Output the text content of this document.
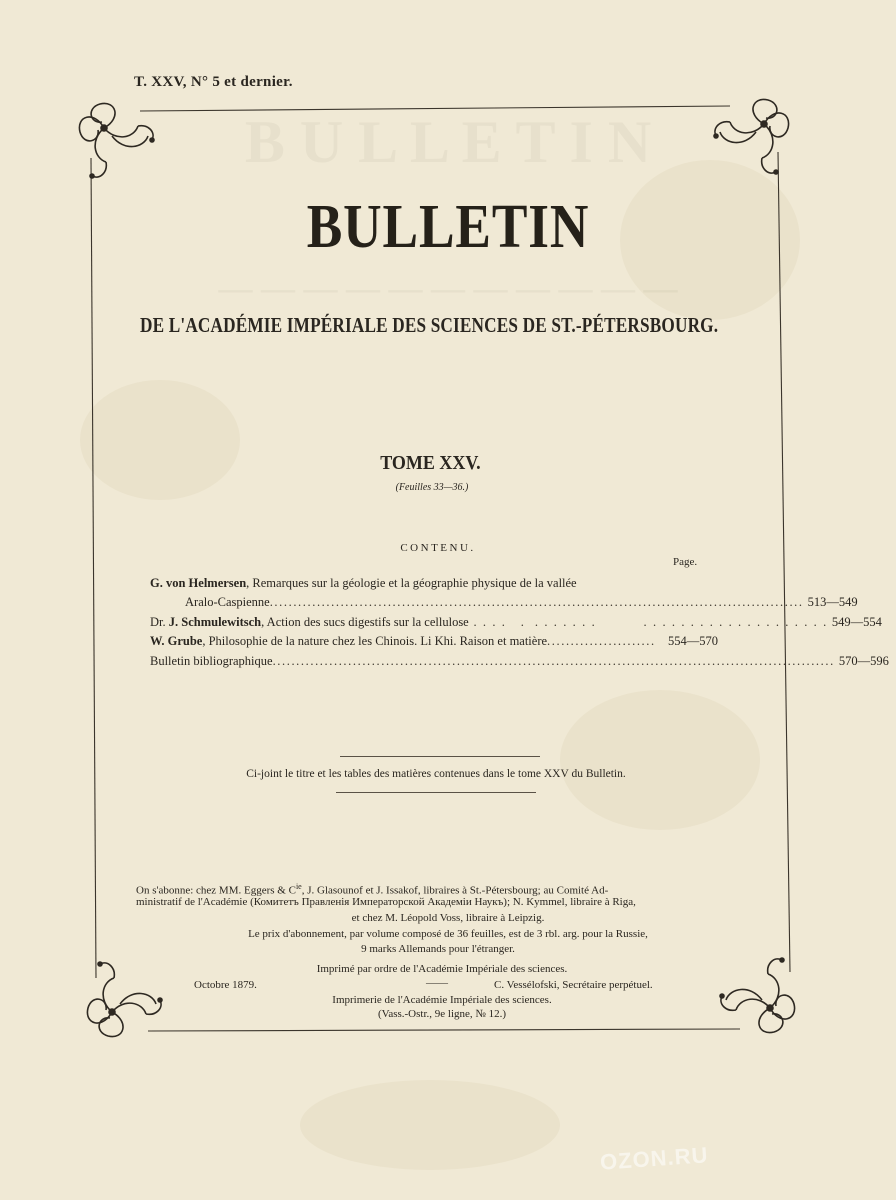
B U L L E T I N
— — — — — — — — — — —
T. XXV, N° 5 et dernier.
BULLETIN
DE L'ACADÉMIE IMPÉRIALE DES SCIENCES DE ST.-PÉTERSBOURG.
TOME XXV.
(Feuilles 33—36.)
CONTENU.
Page.
G. von Helmersen, Remarques sur la géologie et la géographie physique de la vallée
Aralo-Caspienne ................................................................................................................. 513—549
Dr. J. Schmulewitsch, Action des sucs digestifs sur la cellulose . . . .   .  . . . . . . .          . . . . . . . . . . . . . . . . . . . . 549—554
W. Grube, Philosophie de la nature chez les Chinois. Li Khi. Raison et matière ....................... 554—570
Bulletin bibliographique ....................................................................................................................... 570—596
Ci-joint le titre et les tables des matières contenues dans le tome XXV du Bulletin.
On s'abonne: chez MM. Eggers & $C^{ie}$, J. Glasounof et J. Issakof, libraires à St.-Pétersbourg; au Comité Ad-
ministratif de l'Académie (Комитетъ Правленія Императорской Академіи Наукъ); N. Kymmel, libraire à Riga,
et chez M. Léopold Voss, libraire à Leipzig.
Le prix d'abonnement, par volume composé de 36 feuilles, est de 3 rbl. arg. pour la Russie,
9 marks Allemands pour l'étranger.
Imprimé par ordre de l'Académie Impériale des sciences.
Octobre 1879.	——	C. Vessélofski, Secrétaire perpétuel.
Imprimerie de l'Académie Impériale des sciences.
(Vass.-Ostr., 9e ligne, № 12.)
OZON.RU
